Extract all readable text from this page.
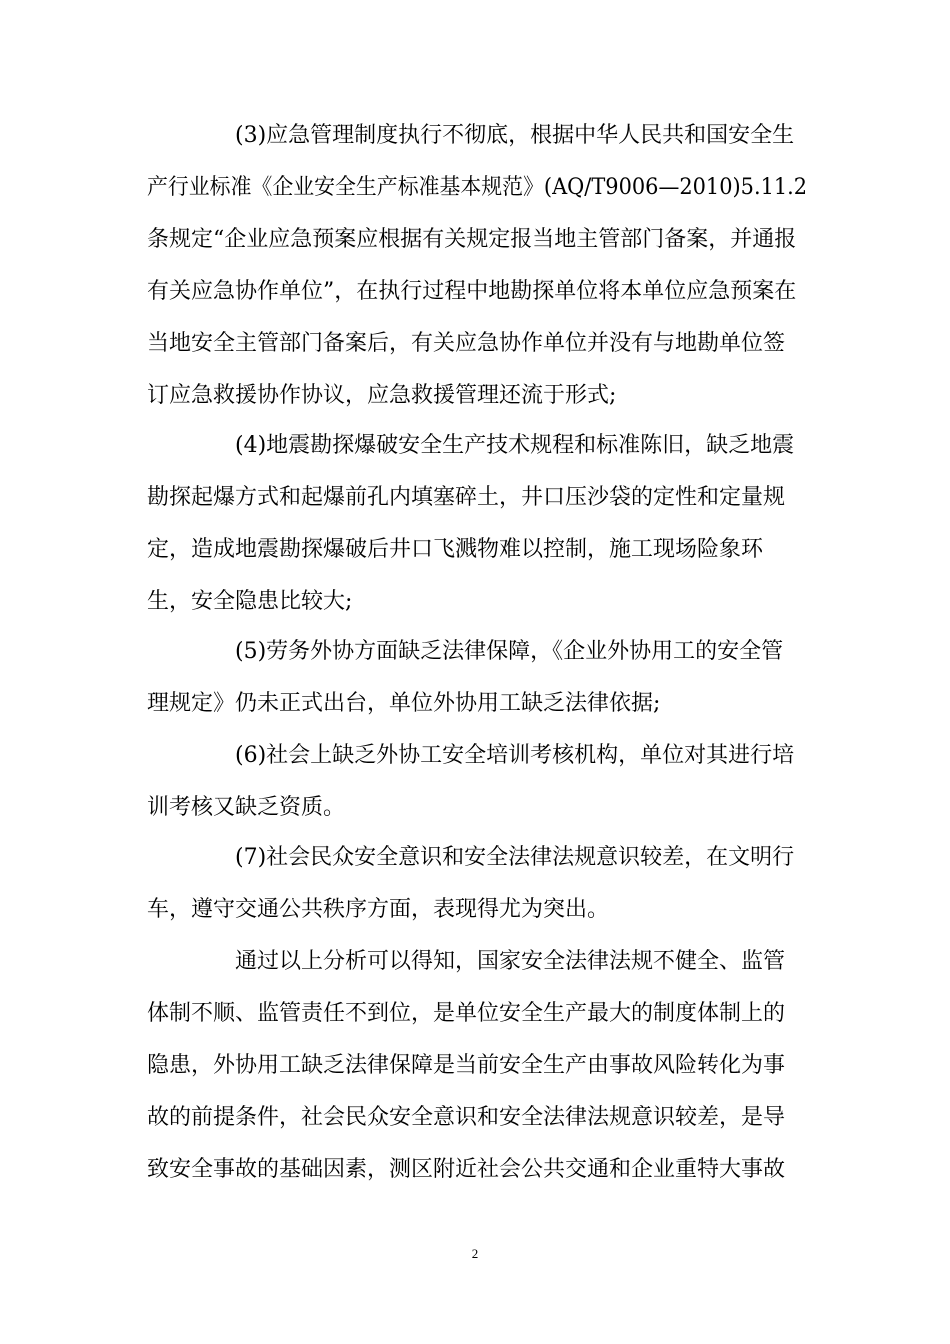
(3)应急管理制度执行不彻底，根据中华人民共和国安全生

产行业标准《企业安全生产标准基本规范》(AQ/T9006—2010)5.11.2

条规定“企业应急预案应根据有关规定报当地主管部门备案，并通报

有关应急协作单位”，在执行过程中地勘探单位将本单位应急预案在

当地安全主管部门备案后，有关应急协作单位并没有与地勘单位签

订应急救援协作协议，应急救援管理还流于形式;

(4)地震勘探爆破安全生产技术规程和标准陈旧，缺乏地震

勘探起爆方式和起爆前孔内填塞碎土，井口压沙袋的定性和定量规

定，造成地震勘探爆破后井口飞溅物难以控制，施工现场险象环

生，安全隐患比较大;

(5)劳务外协方面缺乏法律保障，《企业外协用工的安全管

理规定》仍未正式出台，单位外协用工缺乏法律依据;

(6)社会上缺乏外协工安全培训考核机构，单位对其进行培

训考核又缺乏资质。

(7)社会民众安全意识和安全法律法规意识较差，在文明行

车，遵守交通公共秩序方面，表现得尤为突出。

通过以上分析可以得知，国家安全法律法规不健全、监管

体制不顺、监管责任不到位，是单位安全生产最大的制度体制上的

隐患，外协用工缺乏法律保障是当前安全生产由事故风险转化为事

故的前提条件，社会民众安全意识和安全法律法规意识较差，是导

致安全事故的基础因素，测区附近社会公共交通和企业重特大事故

2
